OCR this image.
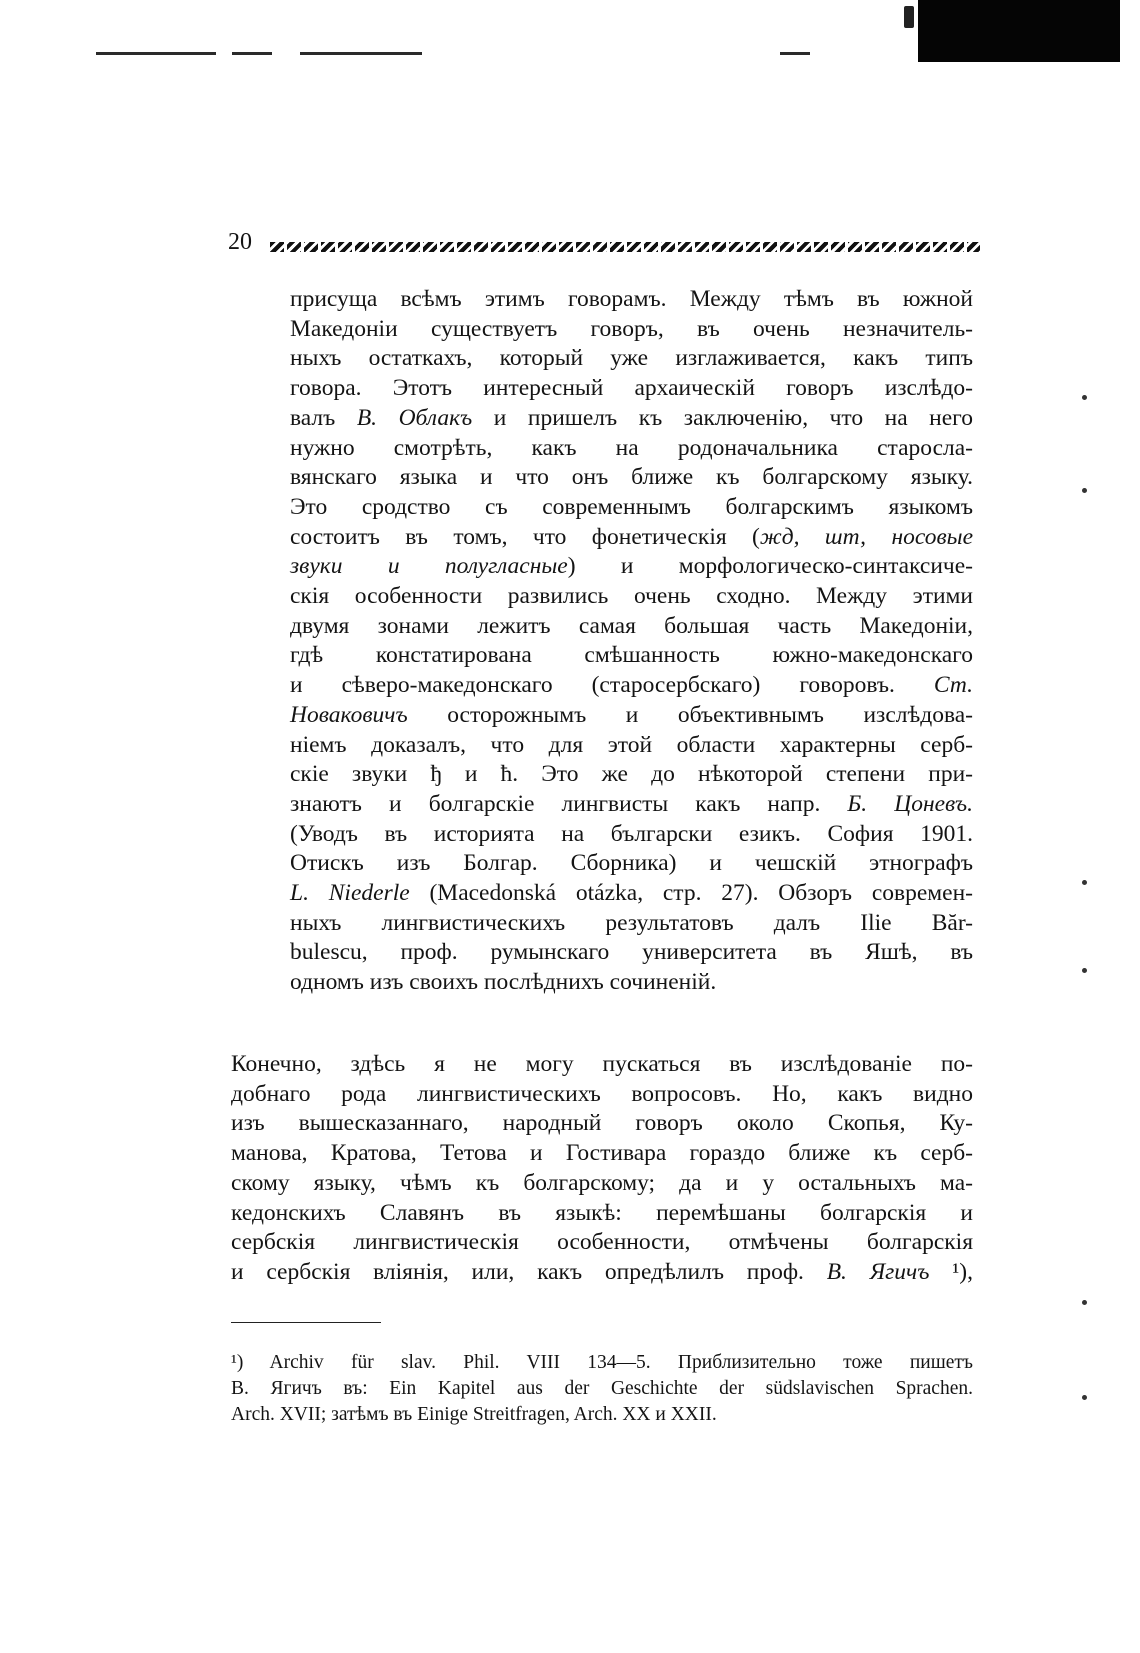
20
присуща всѣмъ этимъ говорамъ. Между тѣмъ въ южной
Македоніи существуетъ говоръ, въ очень незначитель-
ныхъ остаткахъ, который уже изглаживается, какъ типъ
говора. Этотъ интересный архаическій говоръ изслѣдо-
валъ В. Облакъ и пришелъ къ заключенію, что на него
нужно смотрѣть, какъ на родоначальника старосла-
вянскаго языка и что онъ ближе къ болгарскому языку.
Это сродство съ современнымъ болгарскимъ языкомъ
состоитъ въ томъ, что фонетическія (жд, шт, носовые
звуки и полугласные) и морфологическо-синтаксиче-
скія особенности развились очень сходно. Между этими
двумя зонами лежитъ самая большая часть Македоніи,
гдѣ констатирована смѣшанность южно-македонскаго
и сѣверо-македонскаго (старосербскаго) говоровъ. Ст.
Новаковичъ осторожнымъ и объективнымъ изслѣдова-
ніемъ доказалъ, что для этой области характерны серб-
скіе звуки ђ и ћ. Это же до нѣкоторой степени при-
знаютъ и болгарскіе лингвисты какъ напр. Б. Цоневъ.
(Уводъ въ историята на български езикъ. София 1901.
Отискъ изъ Болгар. Сборника) и чешскій этнографъ
L. Niederle (Macedonská otázka, стр. 27). Обзоръ современ-
ныхъ лингвистическихъ результатовъ далъ Ilie Băr-
bulescu, проф. румынскаго университета въ Яшѣ, въ
одномъ изъ своихъ послѣднихъ сочиненій.
Конечно, здѣсь я не могу пускаться въ изслѣдованіе по-
добнаго рода лингвистическихъ вопросовъ. Но, какъ видно
изъ вышесказаннаго, народный говоръ около Скопья, Ку-
манова, Кратова, Тетова и Гостивара гораздо ближе къ серб-
скому языку, чѣмъ къ болгарскому; да и у остальныхъ ма-
кедонскихъ Славянъ въ языкѣ: перемѣшаны болгарскія и
сербскія лингвистическія особенности, отмѣчены болгарскія
и сербскія вліянія, или, какъ опредѣлилъ проф. В. Ягичъ ¹),
¹) Archiv für slav. Phil. VIII 134—5. Приблизительно тоже пишетъ
В. Ягичъ въ: Ein Kapitel aus der Geschichte der südslavischen Sprachen.
Arch. XVII; затѣмъ въ Einige Streitfragen, Arch. XX и XXII.
